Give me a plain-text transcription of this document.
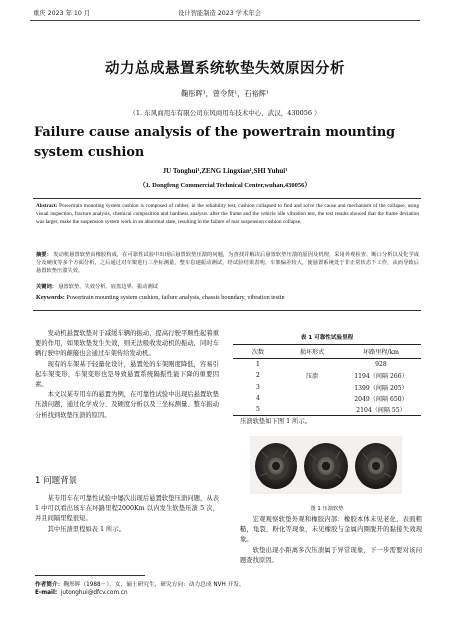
重庆 2023 年 10 月	设计智能制造 2023 学术年会
动力总成悬置系统软垫失效原因分析
鞠彤晖¹，曾令贤¹，石裕辉¹
（1. 东风商用车有限公司东风商用车技术中心，武汉，430056 ）
Failure cause analysis of the powertrain mounting system cushion
JU Tonghui¹,ZENG Lingxian¹,SHI Yuhui¹
（1. Dongfeng Commercial Technical Center,wuhan,430056）
Abstract: Powertrain mounting system cushion is composed of rubber, in the reliability test, cushion collapsed to find and solve the cause and mechanism of the collapse, using visual inspection, fracture analysis, chemical composition and hardness analysis. after the frame and the vehicle idle vibration test, the test results showed that the frame deviation was larger, make the suspension system work in an abnormal state, resulting in the failure of rear suspension cushion collapse.
摘要： 发动机悬置软垫由橡胶构成，在可靠性试验中出现后悬置软垫压溃的问题，为查找并解决后悬置软垫压溃的原因及机理，采用外观检查、断口分析以及化学成分及硬度等多个方面分析，之后通过对车架进行三坐标测量，整车怠速振动测试，经试验结果表明，车架偏差较大，使悬置系统处于非正常状态下工作，从而导致后悬置软垫压溃失效。
关键词： 悬置软垫、失效分析、底盘边界、振动测试
Keywords: Powertrain mounting system cushion, failure analysis, chassis boundary, vibration testin

发动机悬置软垫对于减缓车辆的振动，提高行驶平顺性起着重要的作用，如果软垫发生失效，则无法吸收发动机的振动，同时车辆行驶中的颠簸也会通过车架传给发动机。

现有的车架基于轻量化设计，悬置处的车架刚度降低，容易引起车架变形，车架变形也是导致悬置系统隔振性能下降的重要因素。

本文以某专用车的悬置为例，在可靠性试验中出现后悬置软垫压溃问题，通过化学成分、及硬度分析以及三坐标测量、整车振动分析找到软垫压溃的原因。

1 问题背景

某专用车在可靠性试验中屡次出现后悬置软垫压溃问题，从表 1 中可以看出该车在坏路里程2000Km 以内发生软垫压溃 5 次，并且间隔里程很短。

其中压溃里程如表 1 所示。

表 1 可靠性试验里程
次数	损坏形式	坏路里程/km
1		928
2	压溃	1194（间隔 266）
3		1399（间隔 205）
4		2049（间隔 650）
5		2104（间隔 55）

压溃软垫如下图 1 所示。

图 1 压溃软垫

宏观观察软垫外观和橡胶内部：橡胶本体未见老化，表面粗糙，龟裂，粉化等现象，未见橡胶与金属内圈脱开的黏接失效现象。

软垫出现小距离多次压溃属于异常现象，下一步需要对该问题查找原因。

作者简介：鞠彤晖（1988－），女，硕士研究生，研究方向：动力总成 NVH 开发。
E-mail: jutonghui@dfcv.com.cn
